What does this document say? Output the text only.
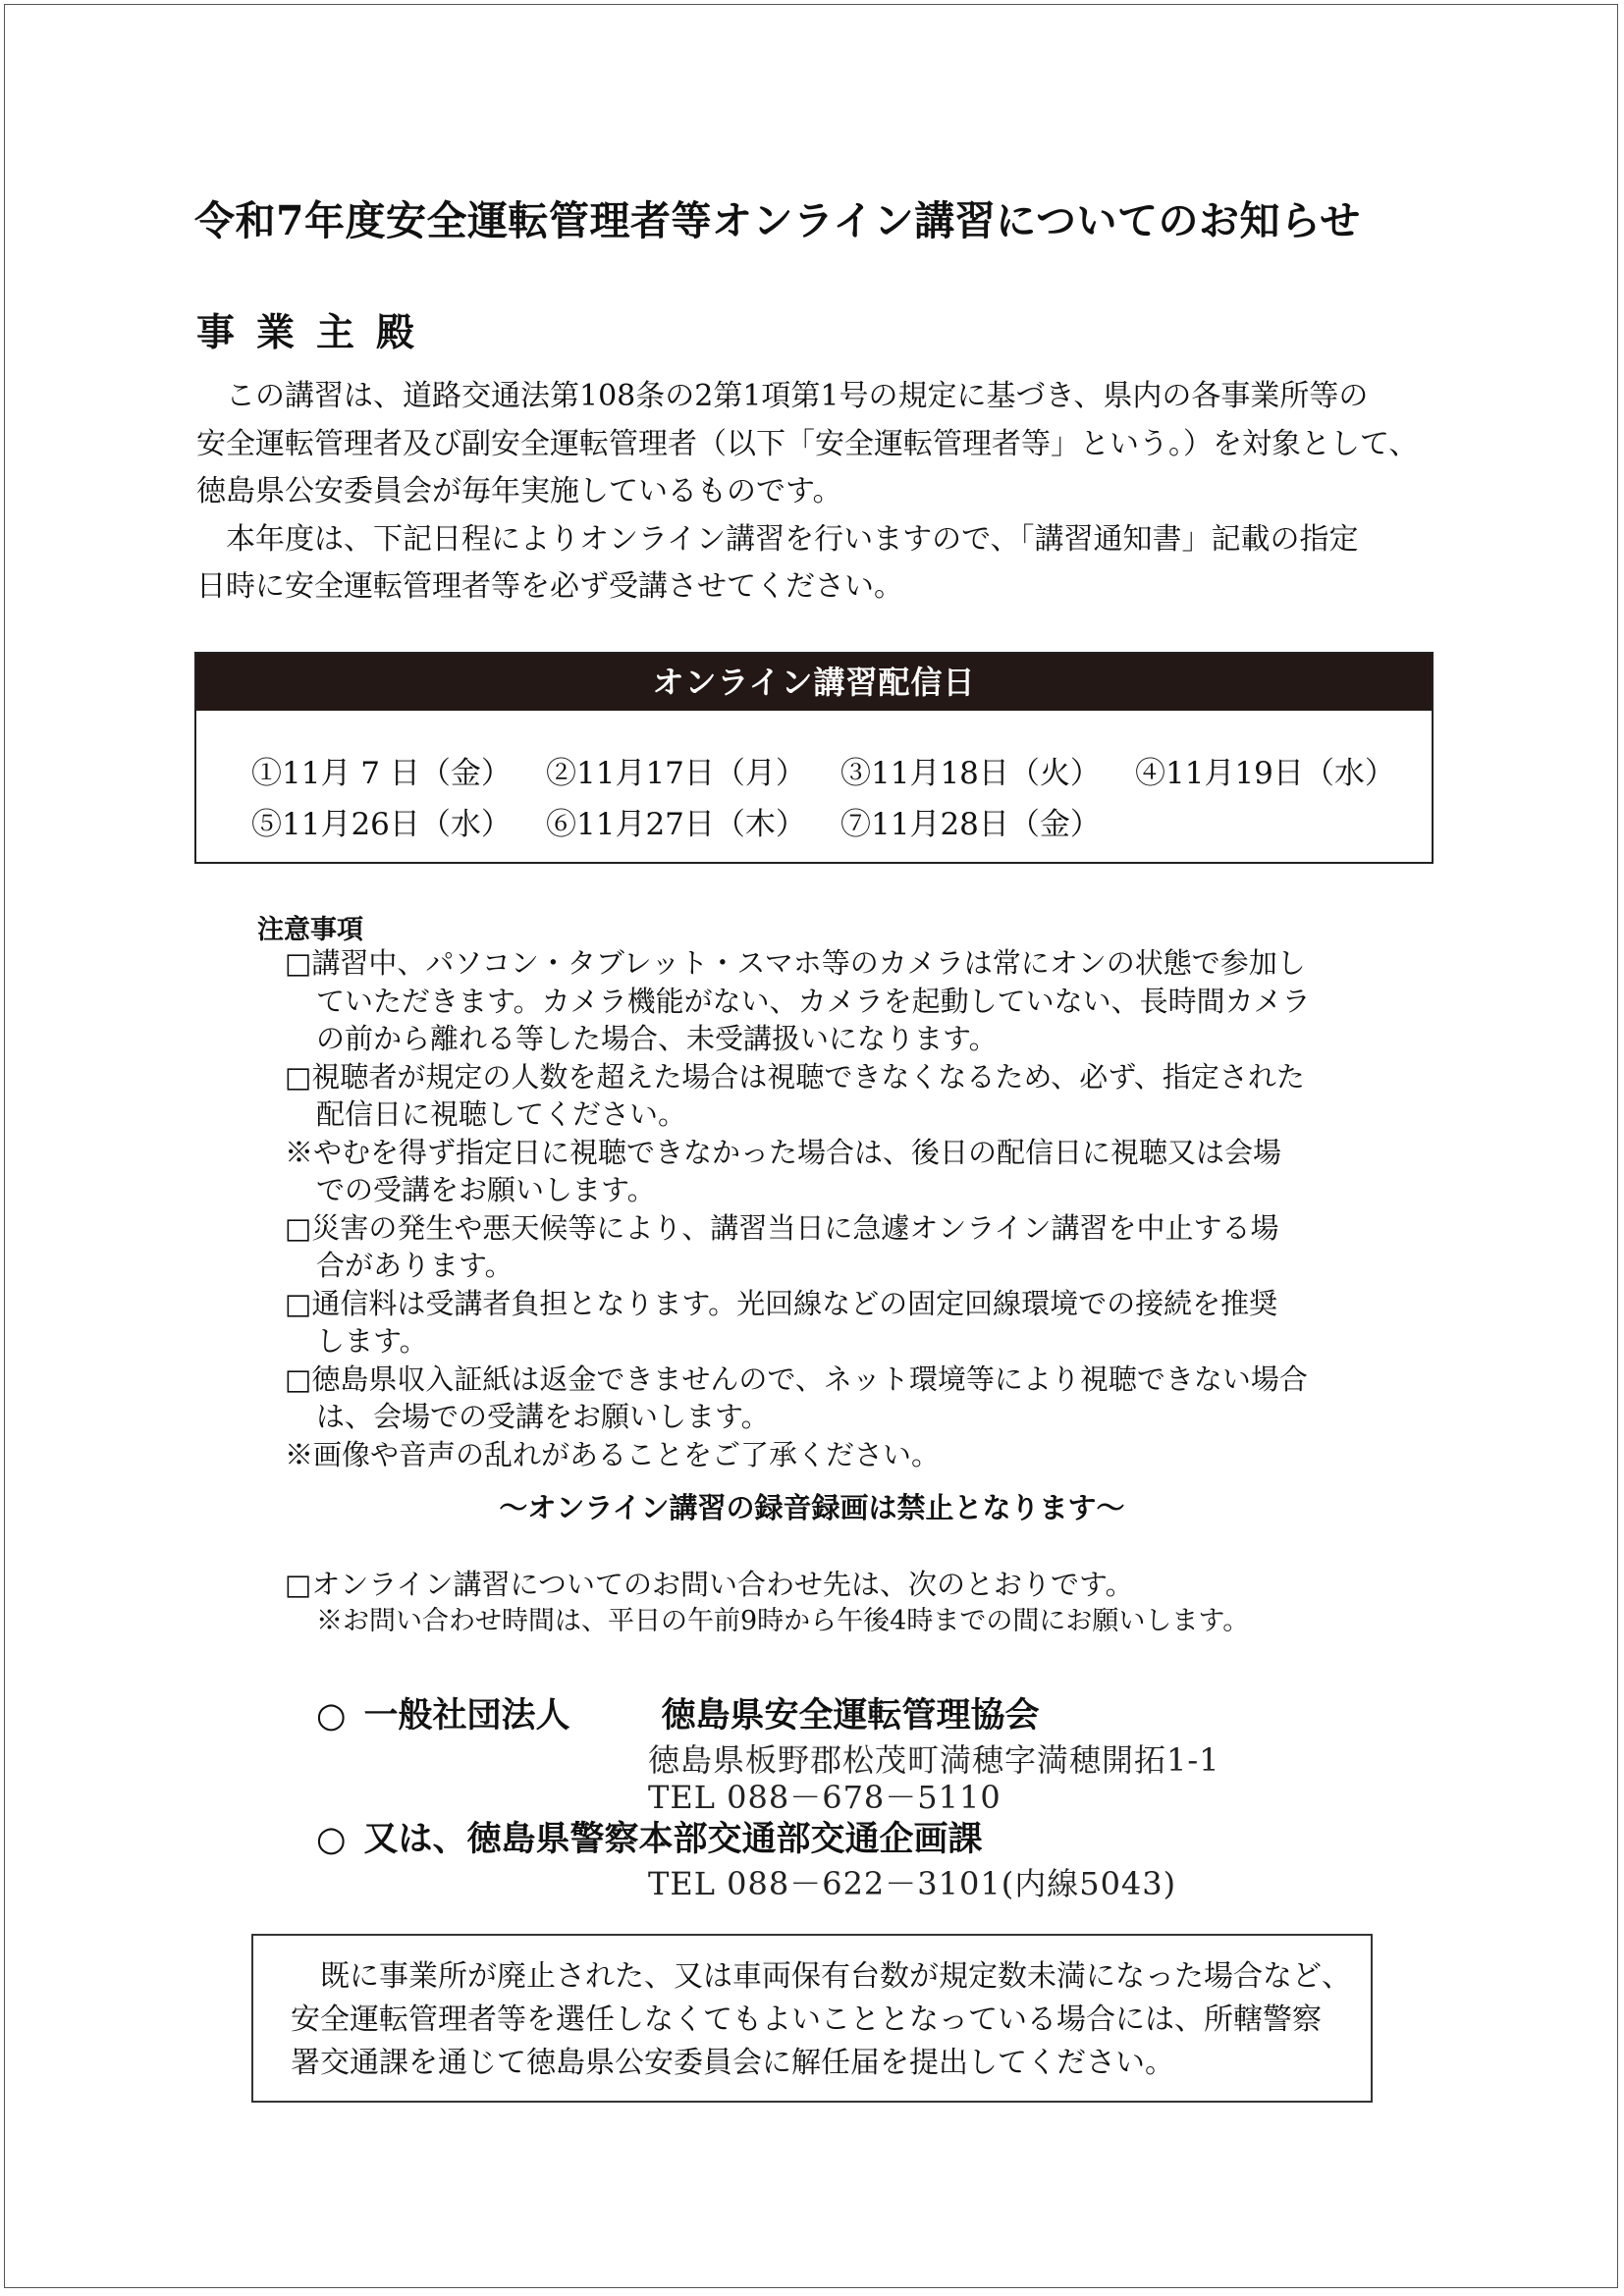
令和7年度安全運転管理者等オンライン講習についてのお知らせ
事業主殿

　この講習は、道路交通法第108条の2第1項第1号の規定に基づき、県内の各事業所等の

安全運転管理者及び副安全運転管理者（以下「安全運転管理者等」という。）を対象として、

徳島県公安委員会が毎年実施しているものです。

　本年度は、下記日程によりオンライン講習を行いますので、「講習通知書」記載の指定

日時に安全運転管理者等を必ず受講させてください。

オンライン講習配信日
①11月 7 日（金）	②11月17日（月）	③11月18日（火）	④11月19日（水）
⑤11月26日（水）	⑥11月27日（木）	⑦11月28日（金）
注意事項
□講習中、パソコン・タブレット・スマホ等のカメラは常にオンの状態で参加し
ていただきます。カメラ機能がない、カメラを起動していない、長時間カメラ
の前から離れる等した場合、未受講扱いになります。
□視聴者が規定の人数を超えた場合は視聴できなくなるため、必ず、指定された
配信日に視聴してください。
※やむを得ず指定日に視聴できなかった場合は、後日の配信日に視聴又は会場
での受講をお願いします。
□災害の発生や悪天候等により、講習当日に急遽オンライン講習を中止する場
合があります。
□通信料は受講者負担となります。光回線などの固定回線環境での接続を推奨
します。
□徳島県収入証紙は返金できませんので、ネット環境等により視聴できない場合
は、会場での受講をお願いします。
※画像や音声の乱れがあることをご了承ください。
～オンライン講習の録音録画は禁止となります～
□オンライン講習についてのお問い合わせ先は、次のとおりです。
※お問い合わせ時間は、平日の午前9時から午後4時までの間にお願いします。
○ 一般社団法人	徳島県安全運転管理協会
徳島県板野郡松茂町満穂字満穂開拓1-1
TEL 088－678－5110
○ 又は、徳島県警察本部交通部交通企画課
TEL 088－622－3101(内線5043)

　既に事業所が廃止された、又は車両保有台数が規定数未満になった場合など、

安全運転管理者等を選任しなくてもよいこととなっている場合には、所轄警察

署交通課を通じて徳島県公安委員会に解任届を提出してください。
